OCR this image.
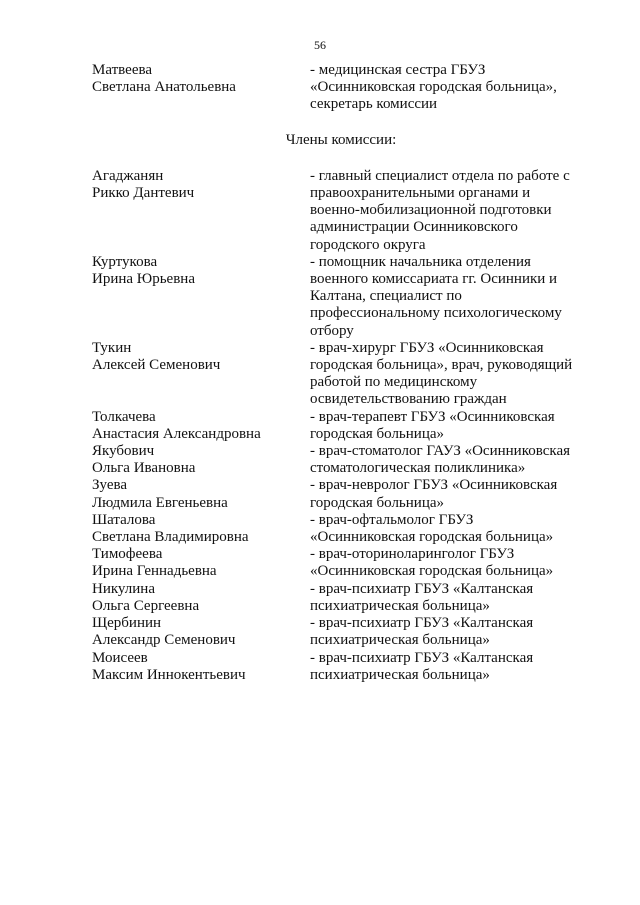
56
Матвеева
Светлана Анатольевна
- медицинская сестра ГБУЗ
«Осинниковская городская больница»,
секретарь комиссии
Члены комиссии:
Агаджанян
Рикко Дантевич
- главный специалист отдела по работе с
правоохранительными органами и
военно-мобилизационной подготовки
администрации Осинниковского
городского округа
Куртукова
Ирина Юрьевна
- помощник начальника отделения
военного комиссариата гг. Осинники и
Калтана, специалист по
профессиональному психологическому
отбору
Тукин
Алексей Семенович
- врач-хирург ГБУЗ «Осинниковская
городская больница», врач, руководящий
работой по медицинскому
освидетельствованию граждан
Толкачева
Анастасия Александровна
- врач-терапевт ГБУЗ «Осинниковская
городская больница»
Якубович
Ольга Ивановна
- врач-стоматолог ГАУЗ «Осинниковская
стоматологическая поликлиника»
Зуева
Людмила Евгеньевна
- врач-невролог ГБУЗ «Осинниковская
городская больница»
Шаталова
Светлана Владимировна
- врач-офтальмолог ГБУЗ
«Осинниковская городская больница»
Тимофеева
Ирина Геннадьевна
- врач-оториноларинголог ГБУЗ
«Осинниковская городская больница»
Никулина
Ольга Сергеевна
- врач-психиатр ГБУЗ «Калтанская
психиатрическая больница»
Щербинин
Александр Семенович
- врач-психиатр ГБУЗ «Калтанская
психиатрическая больница»
Моисеев
Максим Иннокентьевич
- врач-психиатр ГБУЗ «Калтанская
психиатрическая больница»
